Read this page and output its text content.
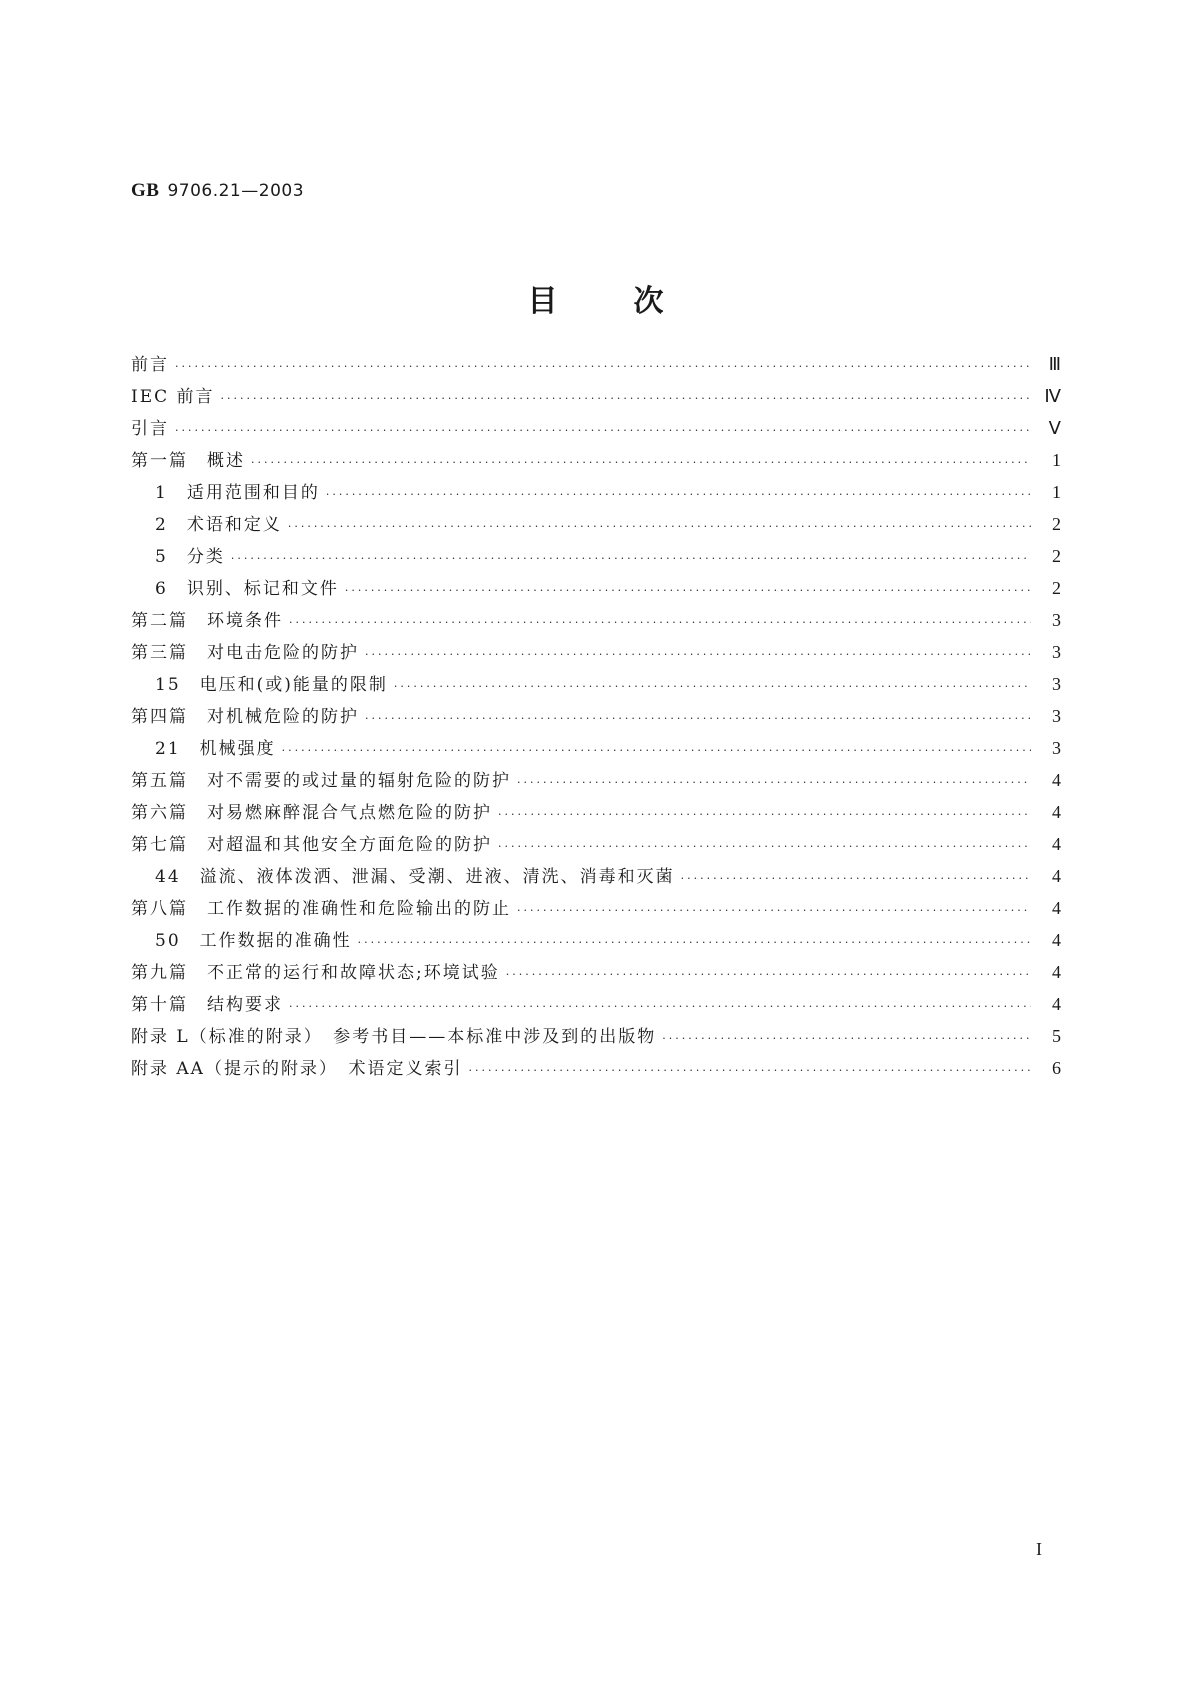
GB 9706.21—2003
目	次
前言 ·····	Ⅲ
IEC 前言 ·····	Ⅳ
引言 ·····	Ⅴ
第一篇　概述 ·····	1
1　适用范围和目的 ·····	1
2　术语和定义 ·····	2
5　分类 ·····	2
6　识别、标记和文件 ·····	2
第二篇　环境条件 ·····	3
第三篇　对电击危险的防护 ·····	3
15　电压和(或)能量的限制 ·····	3
第四篇　对机械危险的防护 ·····	3
21　机械强度 ·····	3
第五篇　对不需要的或过量的辐射危险的防护 ·····	4
第六篇　对易燃麻醉混合气点燃危险的防护 ·····	4
第七篇　对超温和其他安全方面危险的防护 ·····	4
44　溢流、液体泼洒、泄漏、受潮、进液、清洗、消毒和灭菌 ·····	4
第八篇　工作数据的准确性和危险输出的防止 ·····	4
50　工作数据的准确性 ·····	4
第九篇　不正常的运行和故障状态;环境试验 ·····	4
第十篇　结构要求 ·····	4
附录 L（标准的附录）　参考书目——本标准中涉及到的出版物 ·····	5
附录 AA（提示的附录）　术语定义索引 ·····	6
I
